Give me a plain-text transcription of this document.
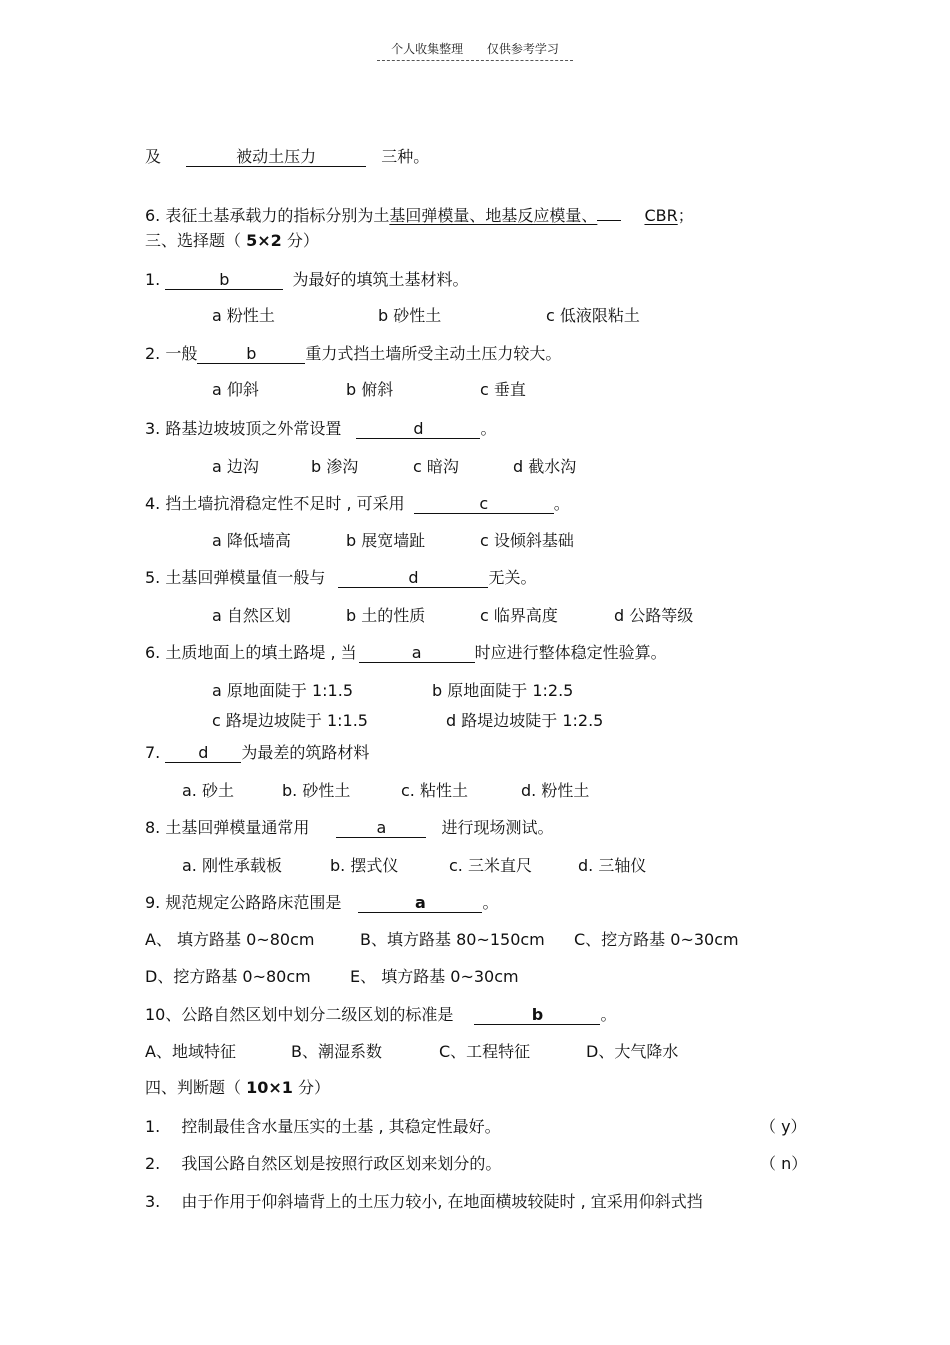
个人收集整理 仅供参考学习
及	被动土压力	三种。
6. 表征土基承载力的指标分别为土基回弹模量、地基反应模量、	CBR；
三、选择题（ 5×2 分）
1.	b	为最好的填筑土基材料。
a 粉性土	b 砂性土	c 低液限粘土
2. 一般	b	重力式挡土墙所受主动土压力较大。
a 仰斜	b 俯斜	c 垂直
3. 路基边坡坡顶之外常设置	d	。
a 边沟	b 渗沟	c 暗沟	d 截水沟
4. 挡土墙抗滑稳定性不足时 , 可采用	c	。
a 降低墙高	b 展宽墙趾	c 设倾斜基础
5. 土基回弹模量值一般与	d	无关。
a 自然区划	b 土的性质	c 临界高度	d 公路等级
6. 土质地面上的填土路堤 , 当	a	时应进行整体稳定性验算。
a 原地面陡于 1:1.5	b 原地面陡于 1:2.5
c 路堤边坡陡于 1:1.5	d 路堤边坡陡于 1:2.5
7. d 为最差的筑路材料
a. 砂土	b. 砂性土	c. 粘性土	d. 粉性土
8. 土基回弹模量通常用	a	进行现场测试。
a. 刚性承载板	b. 摆式仪	c. 三米直尺	d. 三轴仪
9. 规范规定公路路床范围是	a	。
A、 填方路基 0~80cm	B、填方路基 80~150cm C、挖方路基 0~30cm
D、挖方路基 0~80cm E、 填方路基 0~30cm
10、公路自然区划中划分二级区划的标准是	b	。
A、地域特征	B、潮湿系数	C、工程特征	D、大气降水
四、判断题（ 10×1 分）
1. 控制最佳含水量压实的土基 , 其稳定性最好。	（ y）
2. 我国公路自然区划是按照行政区划来划分的。	（ n）
3. 由于作用于仰斜墙背上的土压力较小, 在地面横坡较陡时 , 宜采用仰斜式挡
